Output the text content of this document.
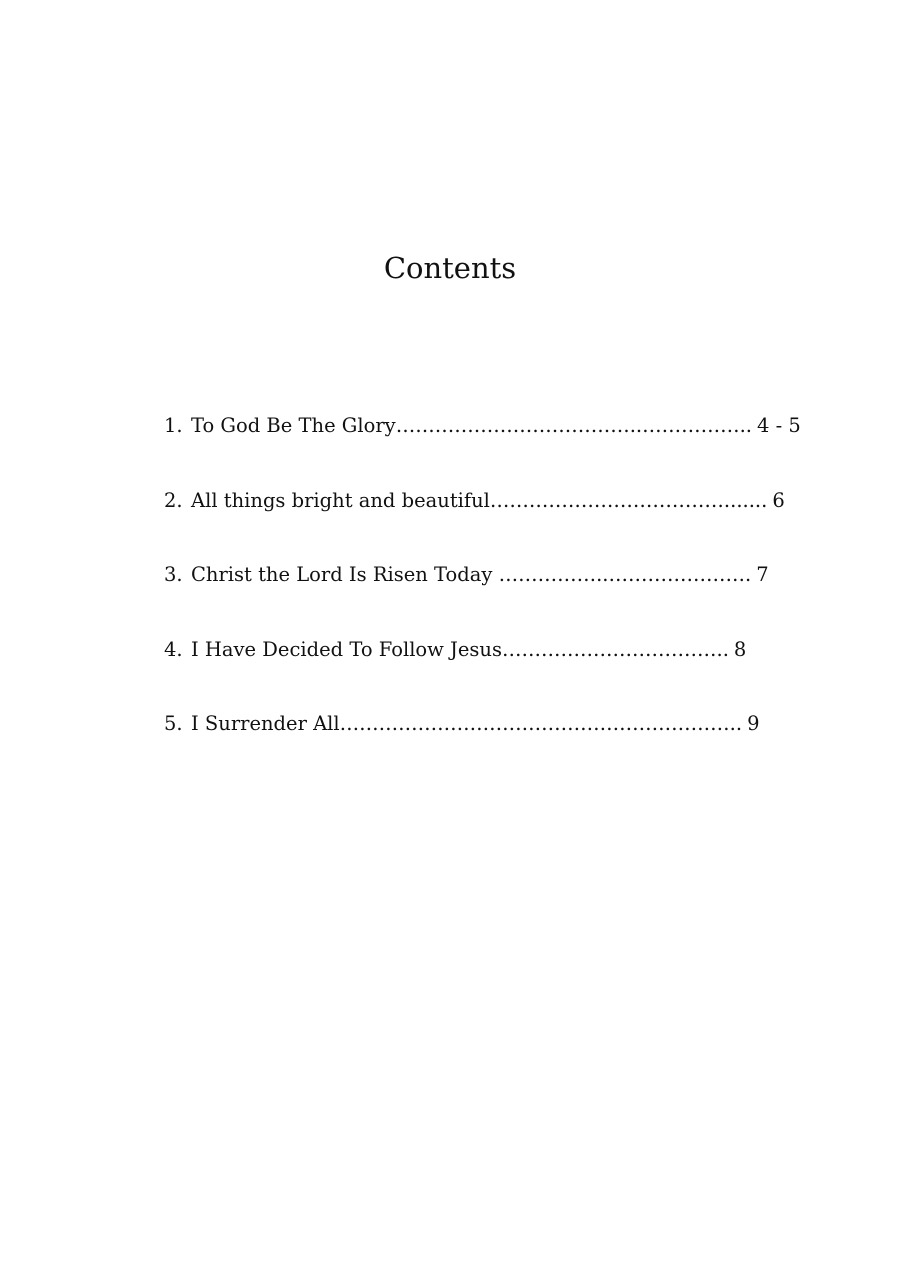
Contents
1. To God Be The Glory ………………………………..…………….. 4 - 5
2. All things bright and beautiful ………………………………....... 6
3. Christ the Lord Is Risen Today ……………..…………………. 7
4. I Have Decided To Follow Jesus …………………………….. 8
5. I Surrender All …………………………………………………….. 9
